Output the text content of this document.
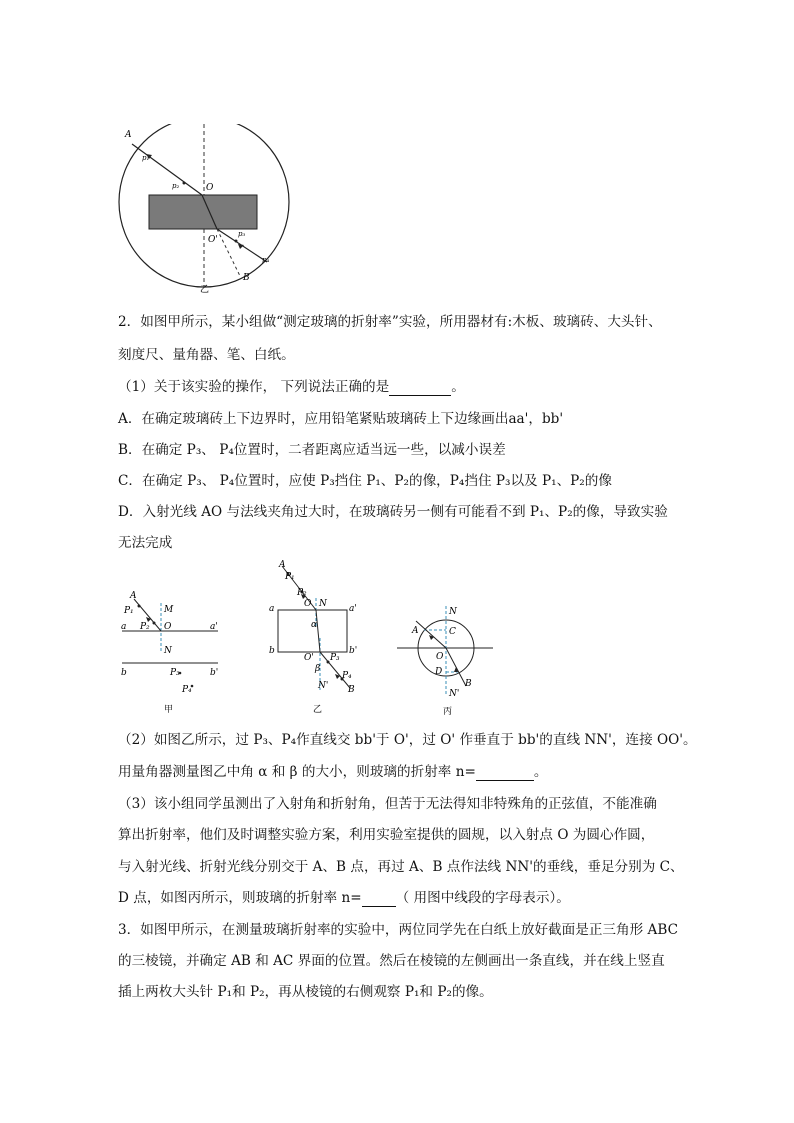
A
p₁
p₂	O
O'
p₃
p₄
B
乙
2．如图甲所示，某小组做“测定玻璃的折射率”实验，所用器材有:木板、玻璃砖、大头针、
刻度尺、量角器、笔、白纸。
（1）关于该实验的操作， 下列说法正确的是	。
A．在确定玻璃砖上下边界时，应用铅笔紧贴玻璃砖上下边缘画出aa'，bb'
B．在确定 P₃、 P₄位置时，二者距离应适当远一些，以减小误差
C．在确定 P₃、 P₄位置时，应使 P₃挡住 P₁、P₂的像，P₄挡住 P₃以及 P₁、P₂的像
D．入射光线 AO 与法线夹角过大时，在玻璃砖另一侧有可能看不到 P₁、P₂的像，导致实验
无法完成
A
P₁	M
a P₂ O	a'
N
b	P₃	b'
P₄
甲
A
P₁
P₂
O N
a	a'
α
b	b'
O' P₃
β
P₄
N' B
乙
N
A	C
O
D
B
N'
丙
（2）如图乙所示，过 P₃、P₄作直线交 bb'于 O'，过 O' 作垂直于 bb'的直线 NN'，连接 OO'。
用量角器测量图乙中角 α 和 β 的大小，则玻璃的折射率 n=	。
（3）该小组同学虽测出了入射角和折射角，但苦于无法得知非特殊角的正弦值，不能准确
算出折射率，他们及时调整实验方案，利用实验室提供的圆规，以入射点 O 为圆心作圆，
与入射光线、折射光线分别交于 A、B 点，再过 A、B 点作法线 NN'的垂线，垂足分别为 C、
D 点，如图丙所示，则玻璃的折射率 n=	（ 用图中线段的字母表示）。
3．如图甲所示，在测量玻璃折射率的实验中，两位同学先在白纸上放好截面是正三角形 ABC
的三棱镜，并确定 AB 和 AC 界面的位置。然后在棱镜的左侧画出一条直线，并在线上竖直
插上两枚大头针 P₁和 P₂，再从棱镜的右侧观察 P₁和 P₂的像。
